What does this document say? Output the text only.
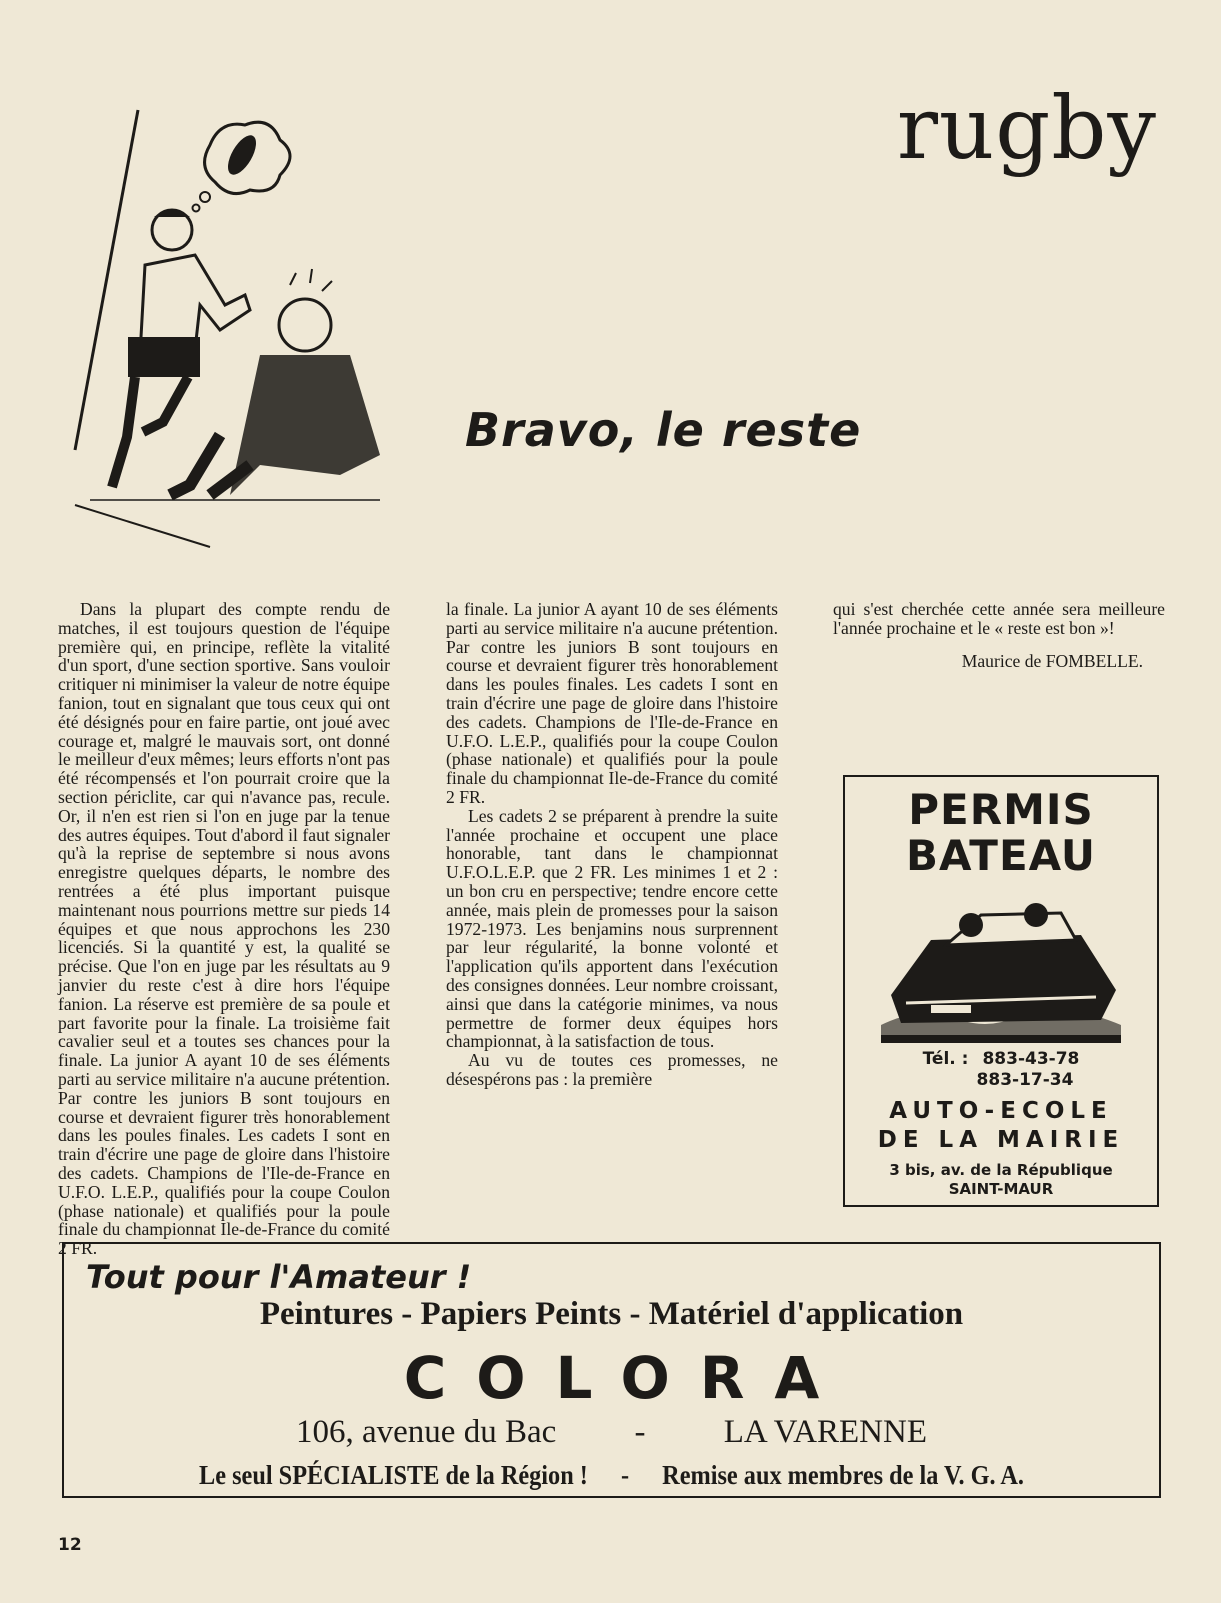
rugby
Bravo, le reste

Dans la plupart des compte rendu de matches, il est toujours question de l'équipe première qui, en principe, reflète la vitalité d'un sport, d'une section sportive. Sans vouloir critiquer ni minimiser la valeur de notre équipe fanion, tout en signalant que tous ceux qui ont été désignés pour en faire partie, ont joué avec courage et, malgré le mauvais sort, ont donné le meilleur d'eux mêmes; leurs efforts n'ont pas été récompensés et l'on pourrait croire que la section périclite, car qui n'avance pas, recule. Or, il n'en est rien si l'on en juge par la tenue des autres équipes. Tout d'abord il faut signaler qu'à la reprise de septembre si nous avons enregistre quelques départs, le nombre des rentrées a été plus important puisque maintenant nous pourrions mettre sur pieds 14 équipes et que nous approchons les 230 licenciés. Si la quantité y est, la qualité se précise. Que l'on en juge par les résultats au 9 janvier du reste c'est à dire hors l'équipe fanion. La réserve est première de sa poule et part favorite pour la finale. La troisième fait cavalier seul et a toutes ses chances pour la finale. La junior A ayant 10 de ses éléments parti au service militaire n'a aucune prétention. Par contre les juniors B sont toujours en course et devraient figurer très honorablement dans les poules finales. Les cadets I sont en train d'écrire une page de gloire dans l'histoire des cadets. Champions de l'Ile-de-France en U.F.O. L.E.P., qualifiés pour la coupe Coulon (phase nationale) et qualifiés pour la poule finale du championnat Ile-de-France du comité 2 FR.

la finale. La junior A ayant 10 de ses éléments parti au service militaire n'a aucune prétention. Par contre les juniors B sont toujours en course et devraient figurer très honorablement dans les poules finales. Les cadets I sont en train d'écrire une page de gloire dans l'histoire des cadets. Champions de l'Ile-de-France en U.F.O. L.E.P., qualifiés pour la coupe Coulon (phase nationale) et qualifiés pour la poule finale du championnat Ile-de-France du comité 2 FR.

Les cadets 2 se préparent à prendre la suite l'année prochaine et occupent une place honorable, tant dans le championnat U.F.O.L.E.P. que 2 FR. Les minimes 1 et 2 : un bon cru en perspective; tendre encore cette année, mais plein de promesses pour la saison 1972-1973. Les benjamins nous surprennent par leur régularité, la bonne volonté et l'application qu'ils apportent dans l'exécution des consignes données. Leur nombre croissant, ainsi que dans la catégorie minimes, va nous permettre de former deux équipes hors championnat, à la satisfaction de tous.

Au vu de toutes ces promesses, ne désespérons pas : la première

qui s'est cherchée cette année sera meilleure l'année prochaine et le « reste est bon »!

Maurice de FOMBELLE.

PERMIS
BATEAU
Tél. : 883-43-78
883-17-34
AUTO-ECOLE
DE LA MAIRIE
3 bis, av. de la République
SAINT-MAUR
Tout pour l'Amateur !
Peintures - Papiers Peints - Matériel d'application
COLORA
106, avenue du Bac - LA VARENNE
Le seul SPÉCIALISTE de la Région ! - Remise aux membres de la V. G. A.
12
